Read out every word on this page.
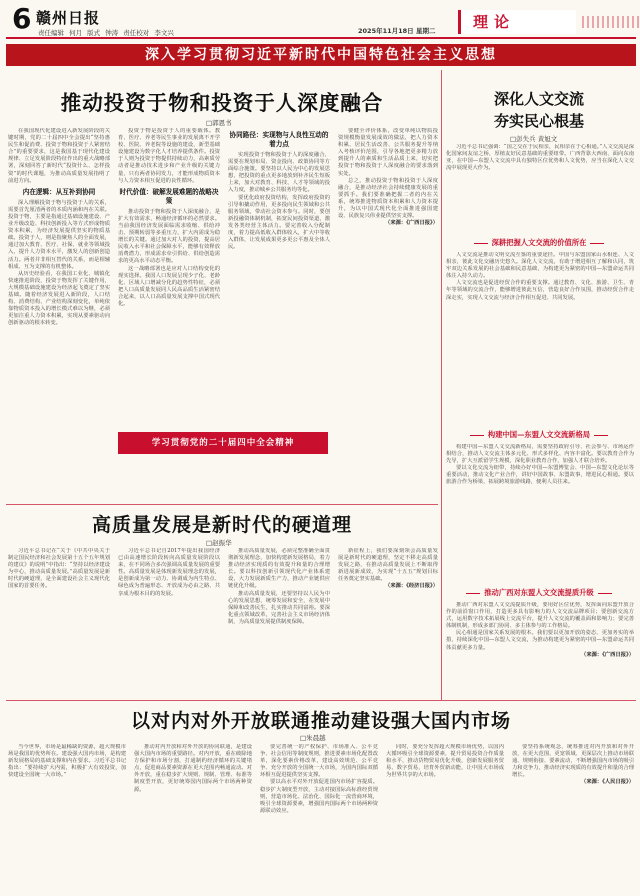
6 赣州日报
责任编辑 何月 版式 钟涛 责任校对 李文兴	2025年11月18日 星期二	理论
深入学习贯彻习近平新时代中国特色社会主义思想
推动投资于物和投资于人深度融合
□郭恩书

在我国现代化建设进入新发展阶段的关键时期，党的二十届四中全会提出“坚持惠民生和促消费、投资于物和投资于人紧密结合”的重要要求，这是我国基于现代化建设规律、立足发展阶段特征作出的重大战略部署，深刻回答了新时代“投资什么、怎样投资”的时代课题，为推动高质量发展指明了前进方向。

内在逻辑：从互补到协同

深入理解投资于物与投资于人的关系，需要首先厘清两者的本质内涵和内在关联。投资于物，主要是指通过基础设施建设、产业升级改造、科技创新投入等方式形成物质资本积累，为经济发展提供坚实的物质基础。投资于人，则是指聚焦人的全面发展，通过加大教育、医疗、社保、就业等领域投入，提升人力资本水平，激发人的创新创造活力。两者并非相互替代的关系，而是相辅相成、互为支撑的有机整体。

从历史经验看，在我国工业化、城镇化快速推进阶段，投资于物发挥了关键作用，大规模基础设施建设为经济起飞奠定了坚实基础。随着经济发展进入新阶段，人口结构、消费结构、产业结构深刻变化，单纯依靠物质资本投入的增长模式难以为继，必须更加注重人力资本积累，实现从要素驱动向创新驱动的根本转变。

投资于物是投资于人的重要载体。教育、医疗、养老等民生事业的发展离不开学校、医院、养老院等设施的建设，新型基础设施建设为数字化人才培养提供条件。投资于人则为投资于物提供持续动力，高素质劳动者是推动技术进步和产业升级的关键力量，只有两者协同发力，才能形成物质资本与人力资本相互促进的良性循环。

时代价值：破解发展难题的战略决策

推动投资于物和投资于人深度融合，是扩大有效需求、畅通经济循环的必然要求。当前我国经济发展面临需求收缩、供给冲击、预期转弱等多重压力，扩大内需成为稳增长的关键。通过加大对人的投资，提高居民收入水平和社会保障水平，能够有效释放消费潜力，形成需求牵引供给、供给创造需求的更高水平动态平衡。

这一战略部署也是应对人口结构变化的现实选择。我国人口发展呈现少子化、老龄化、区域人口增减分化的趋势性特征，必须把人口高质量发展同人民高品质生活紧密结合起来，以人口高质量发展支撑中国式现代化。

协同路径：实现物与人良性互动的着力点

实现投资于物和投资于人的深度融合，需要在规划布局、资金投向、政策协同等方面综合施策。要坚持以人民为中心的发展思想，把投资的重点更多地放到补齐民生短板上来，加大对教育、科技、人才等领域的投入力度，推动城乡公共服务均等化。

要优化政府投资结构，发挥政府投资的引导和撬动作用，更多投向民生领域和公共服务领域，带动社会资本参与。同时，要创新投融资体制机制，拓宽民间投资渠道，激发各类经营主体活力。要完善收入分配制度，着力提高低收入群体收入，扩大中等收入群体，让发展成果更多更公平惠及全体人民。

要健全评价体系，改变单纯以物质投资规模衡量发展成效的做法，把人力资本积累、居民生活改善、公共服务提升等纳入考核评价范围，引导各地把更多精力放到提升人的素质和生活品质上来，切实把投资于物和投资于人深度融合的要求落到实处。

总之，推动投资于物和投资于人深度融合，是推动经济社会持续健康发展的重要抓手。我们要准确把握二者的内在关系，统筹推进物质资本积累和人力资本提升，为以中国式现代化全面推进强国建设、民族复兴伟业提供坚实支撑。

（来源：《广西日报》）

学习贯彻党的二十届四中全会精神
高质量发展是新时代的硬道理
□赵振华

习近平总书记在“关于《中共中央关于制定国民经济和社会发展第十五个五年规划的建议》的说明”中指出：“坚持以经济建设为中心，推动高质量发展。”高质量发展是新时代的硬道理，是全面建设社会主义现代化国家的首要任务。

习近平总书记自2017年提出我国经济已由高速增长阶段转向高质量发展阶段以来，在不同场合多次强调高质量发展的重要性。高质量发展是体现新发展理念的发展，是创新成为第一动力、协调成为内生特点、绿色成为普遍形态、开放成为必由之路、共享成为根本目的的发展。

推动高质量发展，必须完整准确全面贯彻新发展理念，加快构建新发展格局，着力推动经济实现质的有效提升和量的合理增长。要以科技创新引领现代化产业体系建设，大力发展新质生产力，推动产业链供应链优化升级。

推动高质量发展，还要坚持以人民为中心的发展思想，统筹发展和安全，在发展中保障和改善民生，扎实推动共同富裕。要深化重点领域改革，完善社会主义市场经济体制，为高质量发展提供制度保障。

新征程上，我们要深刻领会高质量发展是新时代的硬道理，坚定不移走高质量发展之路，在推动高质量发展上不断取得新进展新成效，为实现“十五五”规划目标任务奠定坚实基础。

（来源：《经济日报》）

以对内对外开放联通推动建设强大国内市场
□朱晨越

当今世界，市场是最稀缺的资源，超大规模市场是我国的优势所在。建设强大国内市场，是构建新发展格局的基础支撑和内在要求。习近平总书记指出：“要持续扩大内需，积极扩大有效投资，加快建设全国统一大市场。”

推动对内开放和对外开放的协同联通，是建设强大国内市场的重要路径。对内开放，重在破除地方保护和市场分割，打通制约经济循环的关键堵点，促进商品要素资源在更大范围内畅通流动。对外开放，重在稳步扩大规则、规制、管理、标准等制度型开放，更好统筹国内国际两个市场两种资源。

要完善统一的产权保护、市场准入、公平竞争、社会信用等制度规则，推进要素市场化配置改革，深化要素价格改革，建设高效规范、公平竞争、充分开放的全国统一大市场，为国内国际双循环相互促进提供坚实支撑。

要以高水平对外开放促进国内市场扩容提质。稳步扩大制度型开放，主动对接国际高标准经贸规则，营造市场化、法治化、国际化一流营商环境，吸引全球资源要素，增强国内国际两个市场两种资源联动效应。

同时，要充分发挥超大规模市场优势，以国内大循环吸引全球资源要素，提升贸易投资合作质量和水平，推动货物贸易优化升级，创新发展服务贸易、数字贸易，培育外贸新动能，让中国大市场成为世界共享的大市场。

要坚持系统观念，统筹推进对内开放和对外开放，在更大范围、更宽领域、更深层次上推动市场联通、规则衔接、要素流动，不断增强国内市场的吸引力和竞争力，推动经济实现质的有效提升和量的合理增长。

（来源：《人民日报》）

深化人文交流
夯实民心根基
□彭失兵 黄旭文

习近平总书记强调：“国之交在于民相亲，民相亲在于心相通。”人文交流是深化国家间友谊之桥，厚植友好民意基础的重要纽带。广西背靠大西南、面向东南亚，在中国—东盟人文交流中具有独特区位优势和人文优势，应当在深化人文交流中展现更大作为。

深耕把握人文交流的价值所在

人文交流是推动文明交流互鉴的重要途径。中国与东盟国家山水相连、人文相亲，彼此文化交融历史悠久。深化人文交流，有助于增进相互了解和认同，筑牢双边关系发展的社会基础和民意基础，为构建更为紧密的中国—东盟命运共同体注入持久动力。

人文交流也是促进经贸合作的重要支撑。通过教育、文化、旅游、卫生、青年等领域的交流合作，能够增进彼此互信，营造良好合作氛围，推动经贸合作走深走实，实现人文交流与经济合作相互促进、共同发展。

构建中国—东盟人文交流新格局

构建中国—东盟人文交流新格局，需要坚持政府引导、社会参与、市场运作相结合，推动人文交流主体多元化、形式多样化、内容丰富化。要以教育合作为先导，扩大互派留学生规模，深化职业教育合作，加强人才联合培养。

要以文化交流为纽带，持续办好中国—东盟博览会、中国—东盟文化论坛等重要活动，推动文化产业合作，讲好中国故事、东盟故事，增进民心相通。要以旅游合作为桥梁，拓展跨境旅游线路，便利人员往来。

推动广西对东盟人文交流提质升级

推动广西对东盟人文交流提质升级，要用好区位优势，发挥面向东盟开放合作的前沿窗口作用，打造更多具有影响力的人文交流品牌项目；要创新交流方式，运用数字技术拓展线上交流平台，提升人文交流的覆盖面和影响力；要完善体制机制，形成多部门协同、多主体参与的工作格局。

民心相通是国家关系发展的根本。我们要以更加开放的姿态、更加务实的举措，持续深化中国—东盟人文交流，为推动构建更为紧密的中国—东盟命运共同体贡献更多力量。

（来源：《广西日报》）
